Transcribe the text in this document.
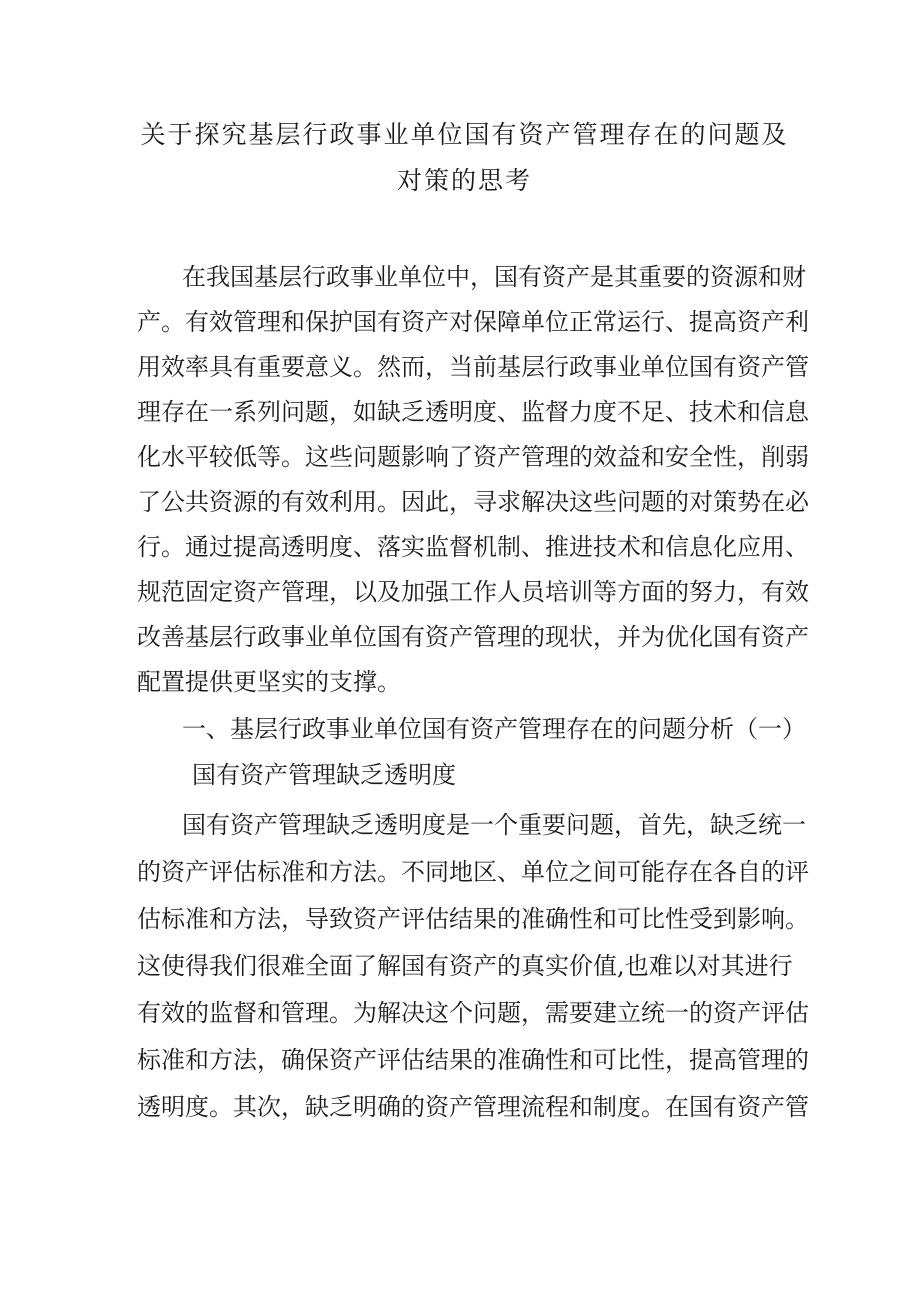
关于探究基层行政事业单位国有资产管理存在的问题及对策的思考

在我国基层行政事业单位中，国有资产是其重要的资源和财

产。有效管理和保护国有资产对保障单位正常运行、提高资产利

用效率具有重要意义。然而，当前基层行政事业单位国有资产管

理存在一系列问题，如缺乏透明度、监督力度不足、技术和信息

化水平较低等。这些问题影响了资产管理的效益和安全性，削弱

了公共资源的有效利用。因此，寻求解决这些问题的对策势在必

行。通过提高透明度、落实监督机制、推进技术和信息化应用、

规范固定资产管理，以及加强工作人员培训等方面的努力，有效

改善基层行政事业单位国有资产管理的现状，并为优化国有资产

配置提供更坚实的支撑。

一、基层行政事业单位国有资产管理存在的问题分析（一）

国有资产管理缺乏透明度

国有资产管理缺乏透明度是一个重要问题，首先，缺乏统一

的资产评估标准和方法。不同地区、单位之间可能存在各自的评

估标准和方法，导致资产评估结果的准确性和可比性受到影响。

这使得我们很难全面了解国有资产的真实价值,也难以对其进行

有效的监督和管理。为解决这个问题，需要建立统一的资产评估

标准和方法，确保资产评估结果的准确性和可比性，提高管理的

透明度。其次，缺乏明确的资产管理流程和制度。在国有资产管
